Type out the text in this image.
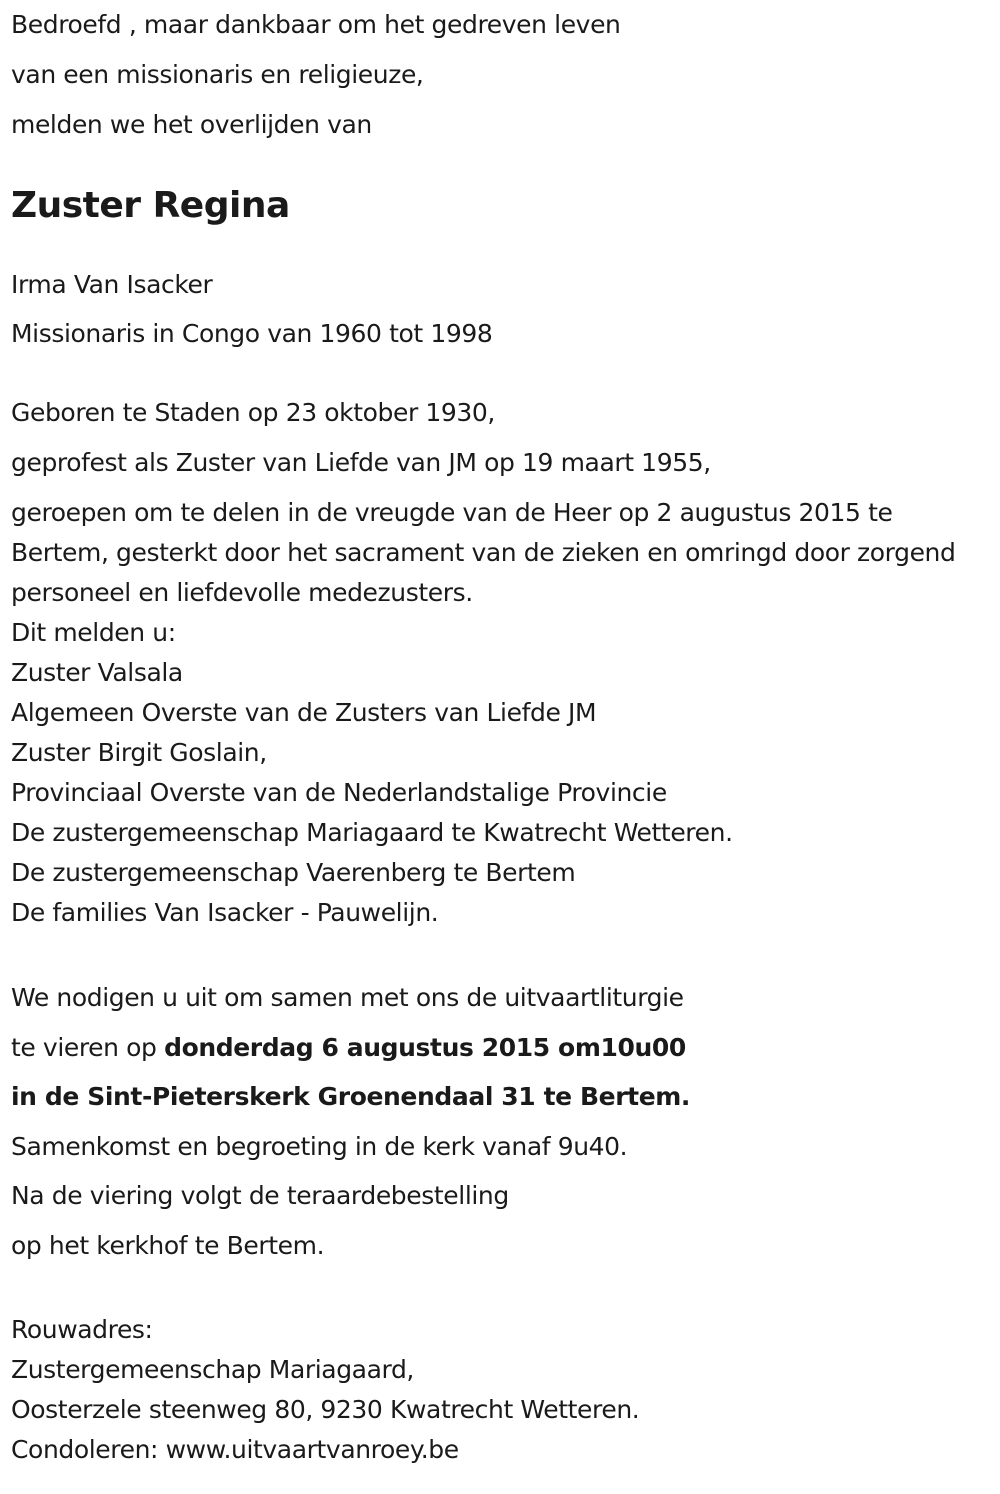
Bedroefd , maar dankbaar om het gedreven leven
van een missionaris en religieuze,
melden we het overlijden van
Zuster Regina
Irma Van Isacker
Missionaris in Congo van 1960 tot 1998
Geboren te Staden op 23 oktober 1930,
geprofest als Zuster van Liefde van JM op 19 maart 1955,
geroepen om te delen in de vreugde van de Heer op 2 augustus 2015 te Bertem, gesterkt door het sacrament van de zieken en omringd door zorgend personeel en liefdevolle medezusters.
Dit melden u:
Zuster Valsala
Algemeen Overste van de Zusters van Liefde JM
Zuster Birgit Goslain,
Provinciaal Overste van de Nederlandstalige Provincie
De zustergemeenschap Mariagaard te Kwatrecht Wetteren.
De zustergemeenschap Vaerenberg te Bertem
De families Van Isacker - Pauwelijn.
We nodigen u uit om samen met ons de uitvaartliturgie
te vieren op donderdag 6 augustus 2015 om10u00
in de Sint-Pieterskerk Groenendaal 31 te Bertem.
Samenkomst en begroeting in de kerk vanaf 9u40.
Na de viering volgt de teraardebestelling
op het kerkhof te Bertem.
Rouwadres:
Zustergemeenschap Mariagaard,
Oosterzele steenweg 80, 9230 Kwatrecht Wetteren.
Condoleren: www.uitvaartvanroey.be
